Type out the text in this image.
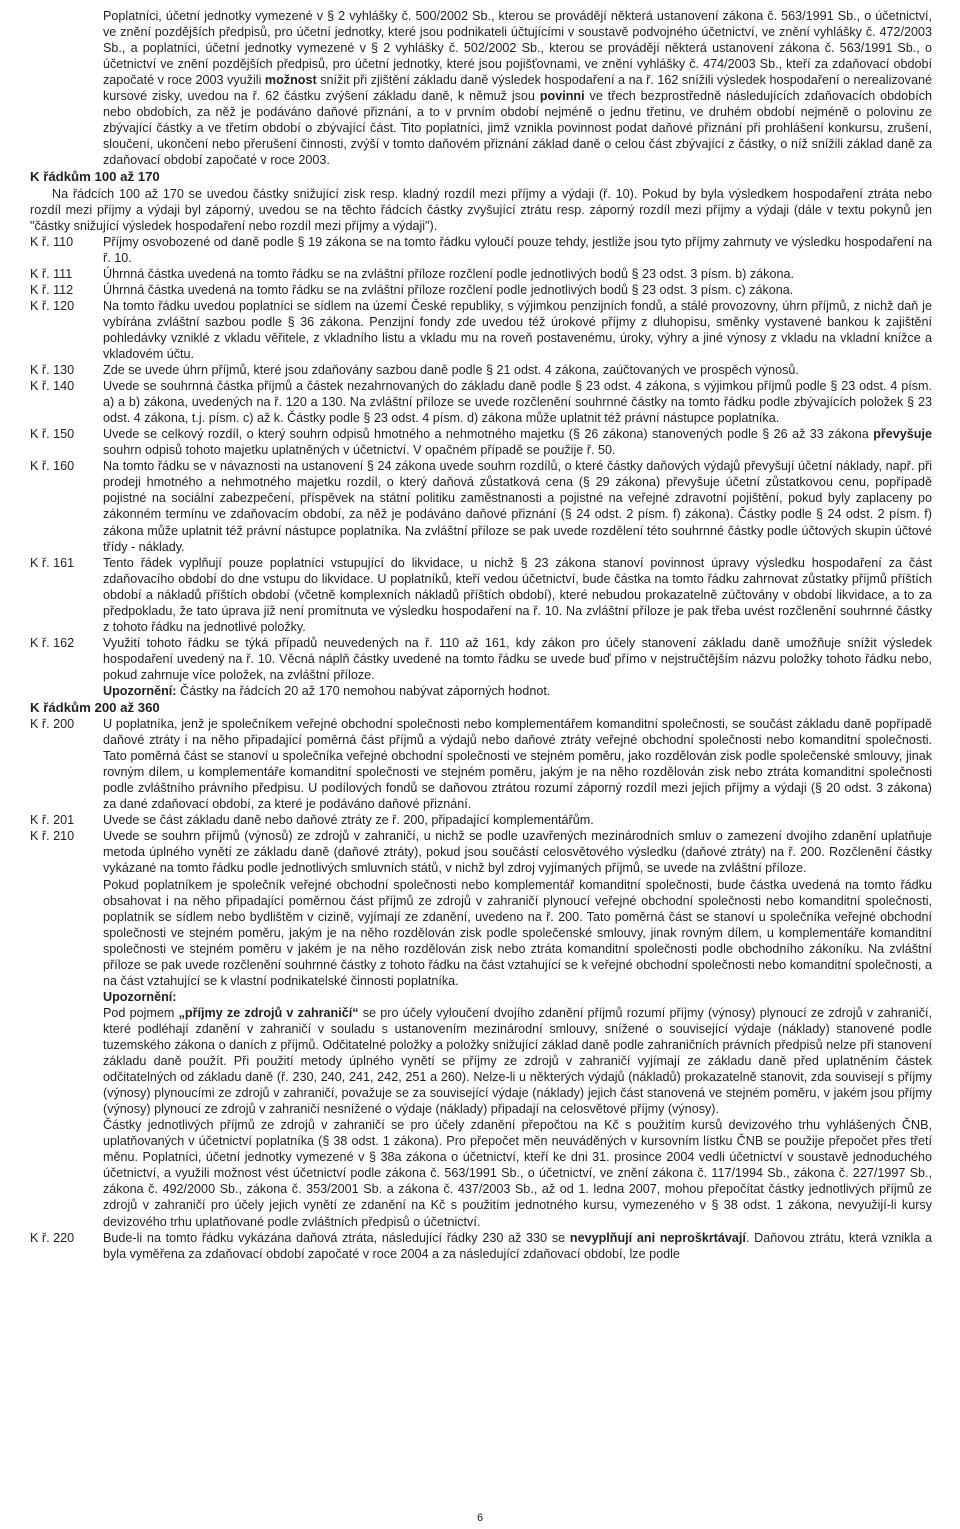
Poplatníci, účetní jednotky vymezené v § 2 vyhlášky č. 500/2002 Sb., kterou se provádějí některá ustanovení zákona č. 563/1991 Sb., o účetnictví, ve znění pozdějších předpisů, pro účetní jednotky, které jsou podnikateli účtujícími v soustavě podvojného účetnictví, ve znění vyhlášky č. 472/2003 Sb., a poplatníci, účetní jednotky vymezené v § 2 vyhlášky č. 502/2002 Sb., kterou se provádějí některá ustanovení zákona č. 563/1991 Sb., o účetnictví ve znění pozdějších předpisů, pro účetní jednotky, které jsou pojišťovnami, ve znění vyhlášky č. 474/2003 Sb., kteří za zdaňovací období započaté v roce 2003 využili možnost snížit při zjištění základu daně výsledek hospodaření a na ř. 162 snížili výsledek hospodaření o nerealizované kursové zisky, uvedou na ř. 62 částku zvýšení základu daně, k němuž jsou povinni ve třech bezprostředně následujících zdaňovacích obdobích nebo obdobích, za něž je podáváno daňové přiznání, a to v prvním období nejméně o jednu třetinu, ve druhém období nejméně o polovinu ze zbývající částky a ve třetím období o zbývající část. Tito poplatníci, jimž vznikla povinnost podat daňové přiznání při prohlášení konkursu, zrušení, sloučení, ukončení nebo přerušení činnosti, zvýší v tomto daňovém přiznání základ daně o celou část zbývající z částky, o níž snížili základ daně za zdaňovací období započaté v roce 2003.

K řádkům 100 až 170

Na řádcích 100 až 170 se uvedou částky snižující zisk resp. kladný rozdíl mezi příjmy a výdaji (ř. 10). Pokud by byla výsledkem hospodaření ztráta nebo rozdíl mezi příjmy a výdaji byl záporný, uvedou se na těchto řádcích částky zvyšující ztrátu resp. záporný rozdíl mezi příjmy a výdaji (dále v textu pokynů jen "částky snižující výsledek hospodaření nebo rozdíl mezi příjmy a výdaji").

K ř. 110	Příjmy osvobozené od daně podle § 19 zákona se na tomto řádku vyloučí pouze tehdy, jestliže jsou tyto příjmy zahrnuty ve výsledku hospodaření na ř. 10.
K ř. 111	Úhrnná částka uvedená na tomto řádku se na zvláštní příloze rozčlení podle jednotlivých bodů § 23 odst. 3 písm. b) zákona.
K ř. 112	Úhrnná částka uvedená na tomto řádku se na zvláštní příloze rozčlení podle jednotlivých bodů § 23 odst. 3 písm. c) zákona.
K ř. 120	Na tomto řádku uvedou poplatníci se sídlem na území České republiky, s výjimkou penzijních fondů, a stálé provozovny, úhrn příjmů, z nichž daň je vybírána zvláštní sazbou podle § 36 zákona. Penzijní fondy zde uvedou též úrokové příjmy z dluhopisu, směnky vystavené bankou k zajištění pohledávky vzniklé z vkladu věřitele, z vkladního listu a vkladu mu na roveň postavenému, úroky, výhry a jiné výnosy z vkladu na vkladní knížce a vkladovém účtu.
K ř. 130	Zde se uvede úhrn příjmů, které jsou zdaňovány sazbou daně podle § 21 odst. 4 zákona, zaúčtovaných ve prospěch výnosů.
K ř. 140	Uvede se souhrnná částka příjmů a částek nezahrnovaných do základu daně podle § 23 odst. 4 zákona, s výjimkou příjmů podle § 23 odst. 4 písm. a) a b) zákona, uvedených na ř. 120 a 130. Na zvláštní příloze se uvede rozčlenění souhrnné částky na tomto řádku podle zbývajících položek § 23 odst. 4 zákona, t.j. písm. c) až k. Částky podle § 23 odst. 4 písm. d) zákona může uplatnit též právní nástupce poplatníka.
K ř. 150	Uvede se celkový rozdíl, o který souhrn odpisů hmotného a nehmotného majetku (§ 26 zákona) stanovených podle § 26 až 33 zákona převyšuje souhrn odpisů tohoto majetku uplatněných v účetnictví. V opačném případě se použije ř. 50.
K ř. 160	Na tomto řádku se v návaznosti na ustanovení § 24 zákona uvede souhrn rozdílů, o které částky daňových výdajů převyšují účetní náklady, např. při prodeji hmotného a nehmotného majetku rozdíl, o který daňová zůstatková cena (§ 29 zákona) převyšuje účetní zůstatkovou cenu, popřípadě pojistné na sociální zabezpečení, příspěvek na státní politiku zaměstnanosti a pojistné na veřejné zdravotní pojištění, pokud byly zaplaceny po zákonném termínu ve zdaňovacím období, za něž je podáváno daňové přiznání (§ 24 odst. 2 písm. f) zákona). Částky podle § 24 odst. 2 písm. f) zákona může uplatnit též právní nástupce poplatníka. Na zvláštní příloze se pak uvede rozdělení této souhrnné částky podle účtových skupin účtové třídy - náklady.
K ř. 161	Tento řádek vyplňují pouze poplatníci vstupující do likvidace, u nichž § 23 zákona stanoví povinnost úpravy výsledku hospodaření za část zdaňovacího období do dne vstupu do likvidace. U poplatníků, kteří vedou účetnictví, bude částka na tomto řádku zahrnovat zůstatky příjmů příštích období a nákladů příštích období (včetně komplexních nákladů příštích období), které nebudou prokazatelně zúčtovány v období likvidace, a to za předpokladu, že tato úprava již není promítnuta ve výsledku hospodaření na ř. 10. Na zvláštní příloze je pak třeba uvést rozčlenění souhrnné částky z tohoto řádku na jednotlivé položky.
K ř. 162	Využití tohoto řádku se týká případů neuvedených na ř. 110 až 161, kdy zákon pro účely stanovení základu daně umožňuje snížit výsledek hospodaření uvedený na ř. 10. Věcná náplň částky uvedené na tomto řádku se uvede buď přímo v nejstručtějším názvu položky tohoto řádku nebo, pokud zahrnuje více položek, na zvláštní příloze.

Upozornění: Částky na řádcích 20 až 170 nemohou nabývat záporných hodnot.

K řádkům 200 až 360
K ř. 200	U poplatníka, jenž je společníkem veřejné obchodní společnosti nebo komplementářem komanditní společnosti, se součást základu daně popřípadě daňové ztráty i na něho připadající poměrná část příjmů a výdajů nebo daňové ztráty veřejné obchodní společnosti nebo komanditní společnosti. Tato poměrná část se stanoví u společníka veřejné obchodní společnosti ve stejném poměru, jako rozdělován zisk podle společenské smlouvy, jinak rovným dílem, u komplementáře komanditní společnosti ve stejném poměru, jakým je na něho rozdělován zisk nebo ztráta komanditní společnosti podle zvláštního právního předpisu. U podílových fondů se daňovou ztrátou rozumí záporný rozdíl mezi jejich příjmy a výdaji (§ 20 odst. 3 zákona) za dané zdaňovací období, za které je podáváno daňové přiznání.
K ř. 201	Uvede se část základu daně nebo daňové ztráty ze ř. 200, připadající komplementářům.
K ř. 210	Uvede se souhrn příjmů (výnosů) ze zdrojů v zahraničí, u nichž se podle uzavřených mezinárodních smluv o zamezení dvojího zdanění uplatňuje metoda úplného vynětí ze základu daně (daňové ztráty), pokud jsou součástí celosvětového výsledku (daňové ztráty) na ř. 200. Rozčlenění částky vykázané na tomto řádku podle jednotlivých smluvních států, v nichž byl zdroj vyjímaných příjmů, se uvede na zvláštní příloze.

Pokud poplatníkem je společník veřejné obchodní společnosti nebo komplementář komanditní společnosti, bude částka uvedená na tomto řádku obsahovat i na něho připadající poměrnou část příjmů ze zdrojů v zahraničí plynoucí veřejné obchodní společnosti nebo komanditní společnosti, poplatník se sídlem nebo bydlištěm v cizině, vyjímají ze zdanění, uvedeno na ř. 200. Tato poměrná část se stanoví u společníka veřejné obchodní společnosti ve stejném poměru, jakým je na něho rozdělován zisk podle společenské smlouvy, jinak rovným dílem, u komplementáře komanditní společnosti ve stejném poměru v jakém je na něho rozdělován zisk nebo ztráta komanditní společnosti podle obchodního zákoníku. Na zvláštní příloze se pak uvede rozčlenění souhrnné částky z tohoto řádku na část vztahující se k veřejné obchodní společnosti nebo komanditní společnosti, a na část vztahující se k vlastní podnikatelské činnosti poplatníka.

Upozornění:

Pod pojmem „příjmy ze zdrojů v zahraničí“ se pro účely vyloučení dvojího zdanění příjmů rozumí příjmy (výnosy) plynoucí ze zdrojů v zahraničí, které podléhají zdanění v zahraničí v souladu s ustanovením mezinárodní smlouvy, snížené o související výdaje (náklady) stanovené podle tuzemského zákona o daních z příjmů. Odčitatelné položky a položky snižující základ daně podle zahraničních právních předpisů nelze při stanovení základu daně použít. Při použití metody úplného vynětí se příjmy ze zdrojů v zahraničí vyjímají ze základu daně před uplatněním částek odčitatelných od základu daně (ř. 230, 240, 241, 242, 251 a 260). Nelze-li u některých výdajů (nákladů) prokazatelně stanovit, zda souvisejí s příjmy (výnosy) plynoucími ze zdrojů v zahraničí, považuje se za související výdaje (náklady) jejich část stanovená ve stejném poměru, v jakém jsou příjmy (výnosy) plynoucí ze zdrojů v zahraničí nesnížené o výdaje (náklady) připadají na celosvětové příjmy (výnosy).

Částky jednotlivých příjmů ze zdrojů v zahraničí se pro účely zdanění přepočtou na Kč s použitím kursů devizového trhu vyhlášených ČNB, uplatňovaných v účetnictví poplatníka (§ 38 odst. 1 zákona). Pro přepočet měn neuváděných v kursovním lístku ČNB se použije přepočet přes třetí měnu. Poplatníci, účetní jednotky vymezené v § 38a zákona o účetnictví, kteří ke dni 31. prosince 2004 vedli účetnictví v soustavě jednoduchého účetnictví, a využili možnost vést účetnictví podle zákona č. 563/1991 Sb., o účetnictví, ve znění zákona č. 117/1994 Sb., zákona č. 227/1997 Sb., zákona č. 492/2000 Sb., zákona č. 353/2001 Sb. a zákona č. 437/2003 Sb., až od 1. ledna 2007, mohou přepočítat částky jednotlivých příjmů ze zdrojů v zahraničí pro účely jejich vynětí ze zdanění na Kč s použitím jednotného kursu, vymezeného v § 38 odst. 1 zákona, nevyužijí-li kursy devizového trhu uplatňované podle zvláštních předpisů o účetnictví.

K ř. 220	Bude-li na tomto řádku vykázána daňová ztráta, následující řádky 230 až 330 se nevyplňují ani neproškrtávají. Daňovou ztrátu, která vznikla a byla vyměřena za zdaňovací období započaté v roce 2004 a za následující zdaňovací období, lze podle
6
